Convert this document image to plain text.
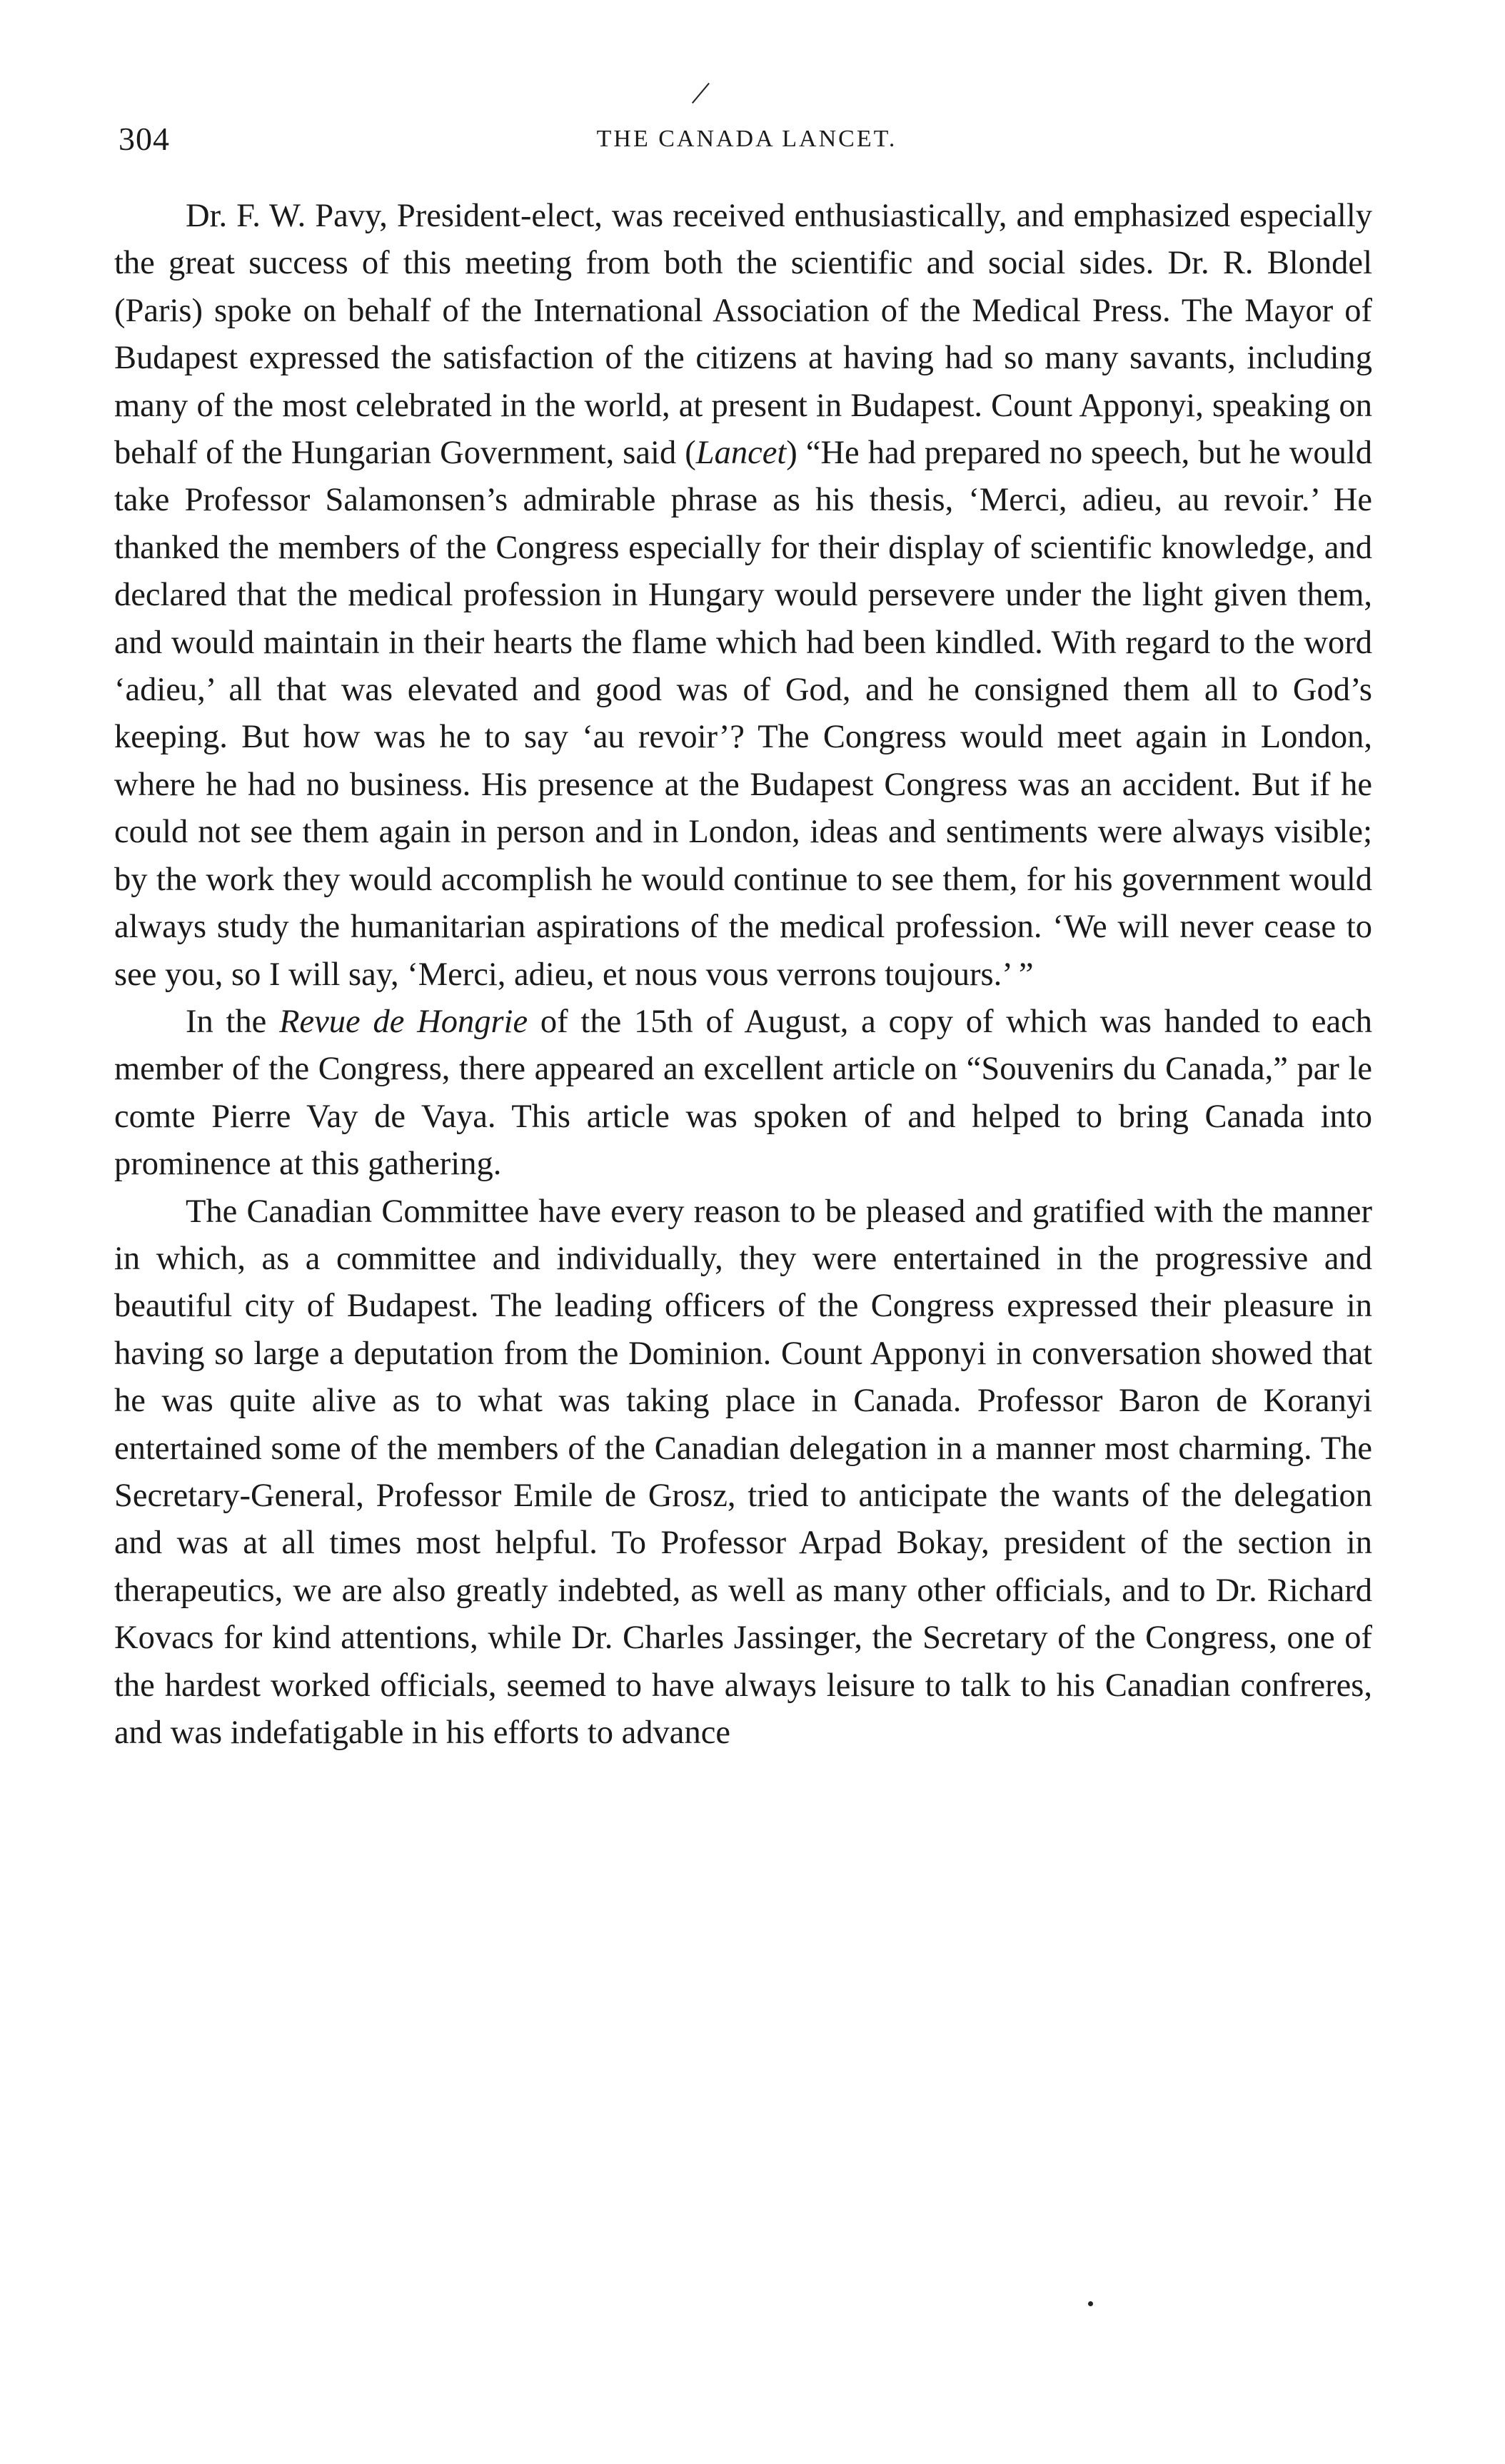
304	THE CANADA LANCET.
|

Dr. F. W. Pavy, President-elect, was received enthusiastically, and emphasized especially the great success of this meeting from both the scientific and social sides. Dr. R. Blondel (Paris) spoke on behalf of the International Association of the Medical Press. The Mayor of Budapest expressed the satisfaction of the citizens at having had so many savants, including many of the most celebrated in the world, at present in Budapest. Count Apponyi, speaking on behalf of the Hungarian Government, said (Lancet) “He had prepared no speech, but he would take Professor Salamonsen’s admirable phrase as his thesis, ‘Merci, adieu, au revoir.’ He thanked the members of the Congress especially for their display of scientific knowledge, and declared that the medical profession in Hungary would persevere under the light given them, and would maintain in their hearts the flame which had been kindled. With regard to the word ‘adieu,’ all that was elevated and good was of God, and he consigned them all to God’s keeping. But how was he to say ‘au revoir’? The Congress would meet again in London, where he had no business. His presence at the Budapest Congress was an accident. But if he could not see them again in person and in London, ideas and sentiments were always visible; by the work they would accomplish he would continue to see them, for his government would always study the humanitarian aspirations of the medical profession. ‘We will never cease to see you, so I will say, ‘Merci, adieu, et nous vous verrons toujours.’ ”

In the Revue de Hongrie of the 15th of August, a copy of which was handed to each member of the Congress, there appeared an excellent article on “Souvenirs du Canada,” par le comte Pierre Vay de Vaya. This article was spoken of and helped to bring Canada into prominence at this gathering.

The Canadian Committee have every reason to be pleased and gratified with the manner in which, as a committee and individually, they were entertained in the progressive and beautiful city of Budapest. The leading officers of the Congress expressed their pleasure in having so large a deputation from the Dominion. Count Apponyi in conversation showed that he was quite alive as to what was taking place in Canada. Professor Baron de Koranyi entertained some of the members of the Canadian delegation in a manner most charming. The Secretary-General, Professor Emile de Grosz, tried to anticipate the wants of the delegation and was at all times most helpful. To Professor Arpad Bokay, president of the section in therapeutics, we are also greatly indebted, as well as many other officials, and to Dr. Richard Kovacs for kind attentions, while Dr. Charles Jassinger, the Secretary of the Congress, one of the hardest worked officials, seemed to have always leisure to talk to his Canadian confreres, and was indefatigable in his efforts to advance
